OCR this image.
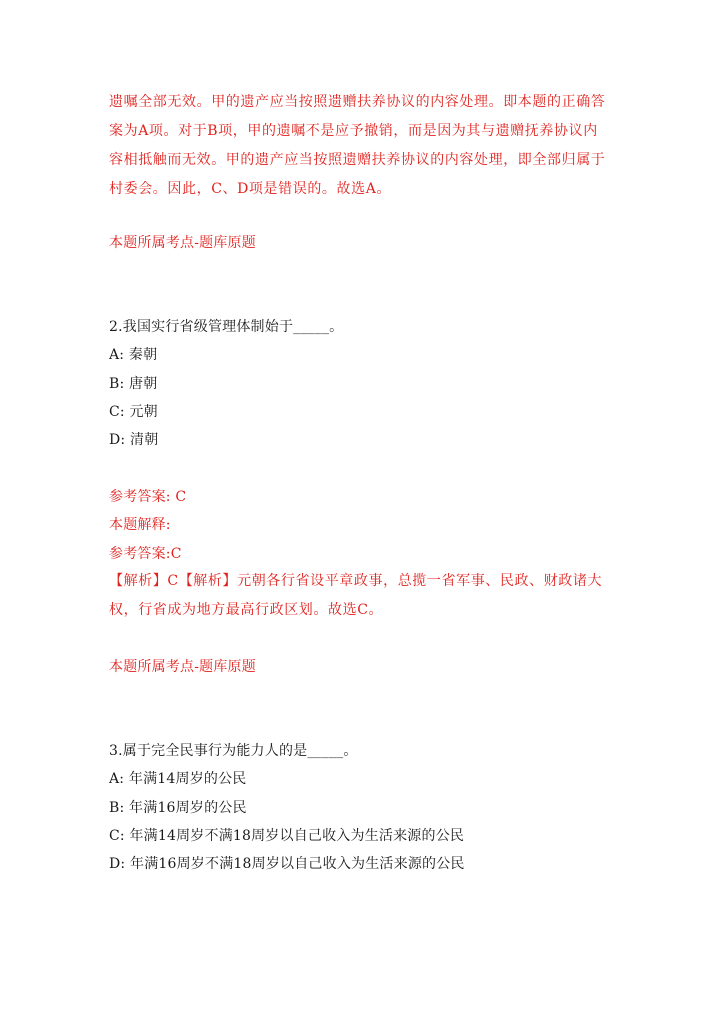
遗嘱全部无效。甲的遗产应当按照遗赠扶养协议的内容处理。即本题的正确答
案为A项。对于B项，甲的遗嘱不是应予撤销，而是因为其与遗赠抚养协议内
容相抵触而无效。甲的遗产应当按照遗赠扶养协议的内容处理，即全部归属于
村委会。因此，C、D项是错误的。故选A。
本题所属考点-题库原题
2.我国实行省级管理体制始于_____。
A: 秦朝
B: 唐朝
C: 元朝
D: 清朝
参考答案: C
本题解释:
参考答案:C
【解析】C【解析】元朝各行省设平章政事，总揽一省军事、民政、财政诸大
权，行省成为地方最高行政区划。故选C。
本题所属考点-题库原题
3.属于完全民事行为能力人的是_____。
A: 年满14周岁的公民
B: 年满16周岁的公民
C: 年满14周岁不满18周岁以自己收入为生活来源的公民
D: 年满16周岁不满18周岁以自己收入为生活来源的公民
